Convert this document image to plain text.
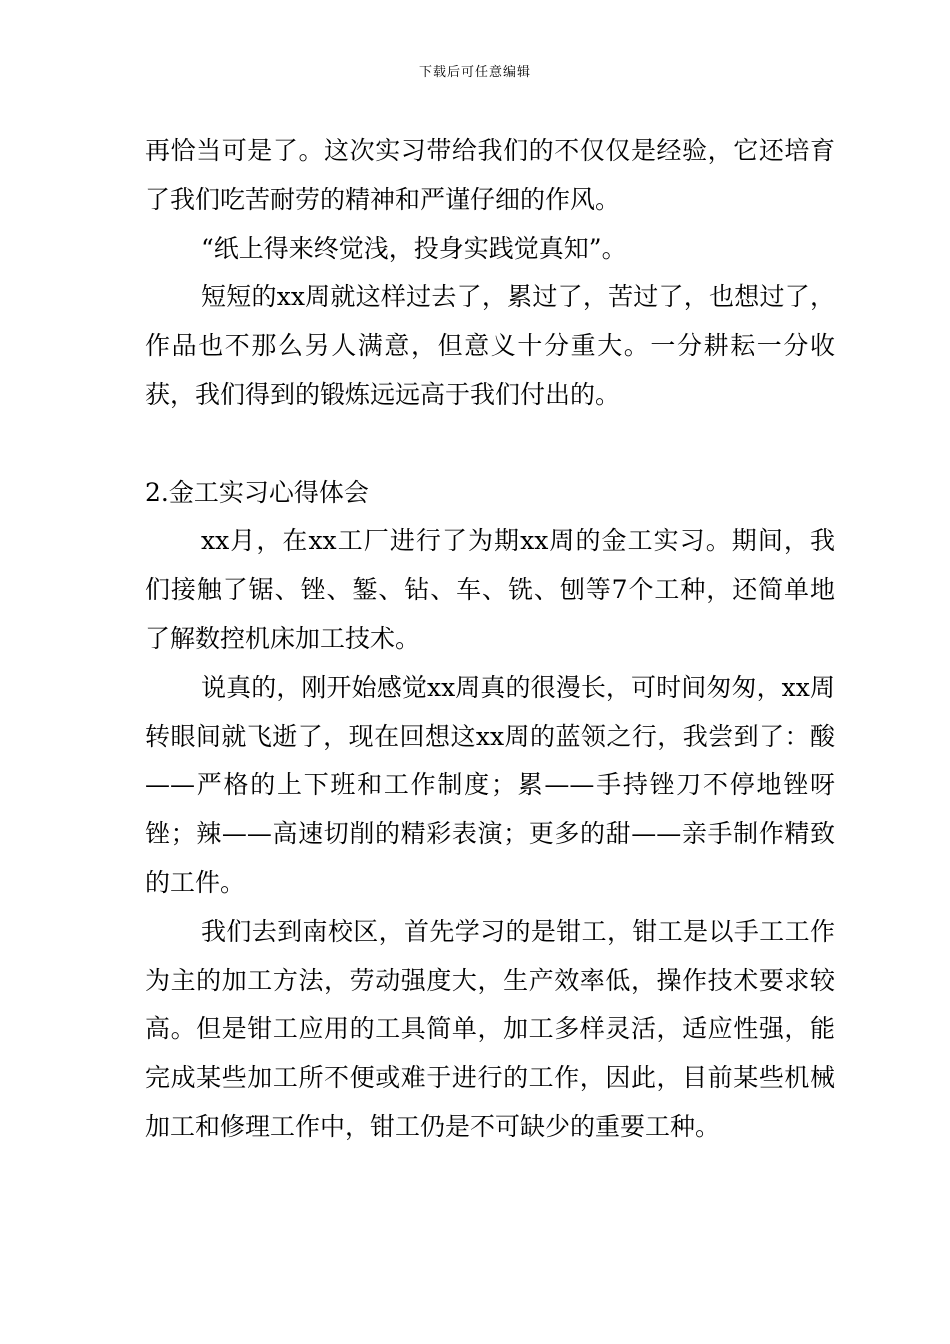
下载后可任意编辑

再恰当可是了。这次实习带给我们的不仅仅是经验，它还培育了我们吃苦耐劳的精神和严谨仔细的作风。

“纸上得来终觉浅，投身实践觉真知”。

短短的xx周就这样过去了，累过了，苦过了，也想过了，作品也不那么另人满意，但意义十分重大。一分耕耘一分收获，我们得到的锻炼远远高于我们付出的。

2.金工实习心得体会

xx月，在xx工厂进行了为期xx周的金工实习。期间，我们接触了锯、锉、錾、钻、车、铣、刨等7个工种，还简单地了解数控机床加工技术。

说真的，刚开始感觉xx周真的很漫长，可时间匆匆，xx周转眼间就飞逝了，现在回想这xx周的蓝领之行，我尝到了：酸——严格的上下班和工作制度；累——手持锉刀不停地锉呀锉；辣——高速切削的精彩表演；更多的甜——亲手制作精致的工件。

我们去到南校区，首先学习的是钳工，钳工是以手工工作为主的加工方法，劳动强度大，生产效率低，操作技术要求较高。但是钳工应用的工具简单，加工多样灵活，适应性强，能完成某些加工所不便或难于进行的工作，因此，目前某些机械加工和修理工作中，钳工仍是不可缺少的重要工种。
